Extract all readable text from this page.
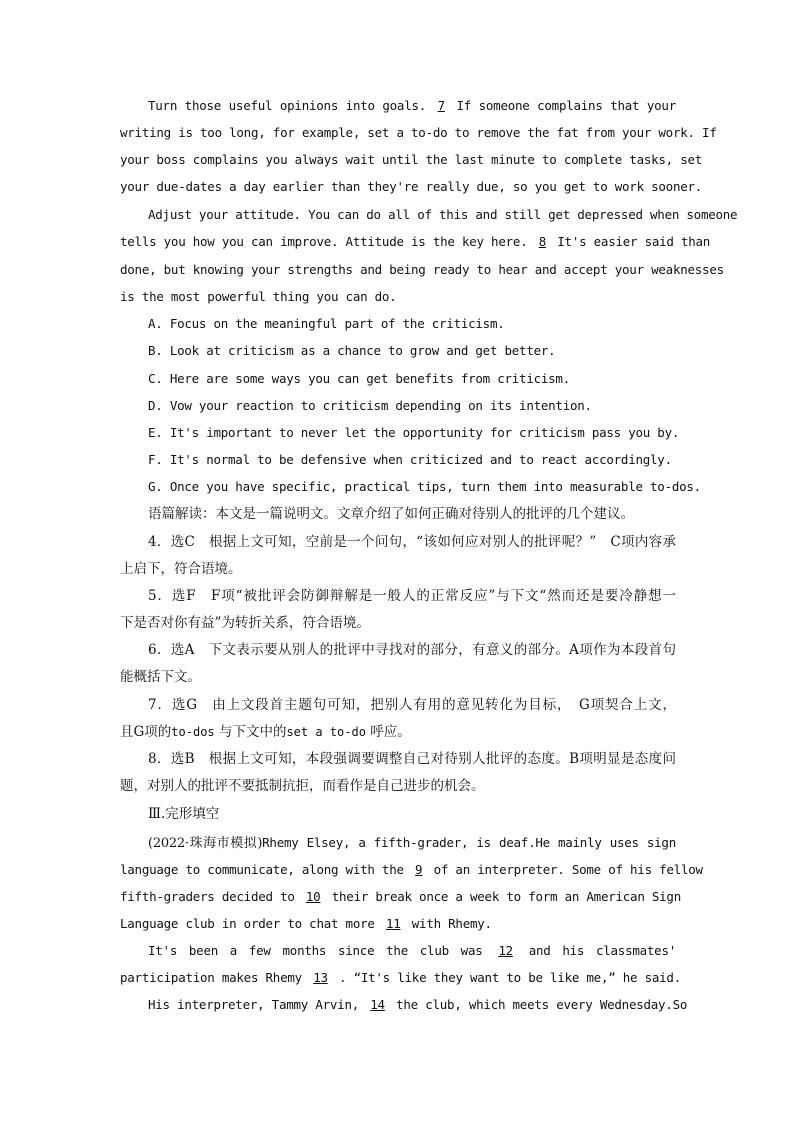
Turn those useful opinions into goals. 7 If someone complains that your
writing is too long, for example, set a to-do to remove the fat from your work. If
your boss complains you always wait until the last minute to complete tasks, set
your due-dates a day earlier than they're really due, so you get to work sooner.
Adjust your attitude. You can do all of this and still get depressed when someone
tells you how you can improve. Attitude is the key here. 8 It's easier said than
done, but knowing your strengths and being ready to hear and accept your weaknesses
is the most powerful thing you can do.
A. Focus on the meaningful part of the criticism.
B. Look at criticism as a chance to grow and get better.
C. Here are some ways you can get benefits from criticism.
D. Vow your reaction to criticism depending on its intention.
E. It's important to never let the opportunity for criticism pass you by.
F. It's normal to be defensive when criticized and to react accordingly.
G. Once you have specific, practical tips, turn them into measurable to-dos.
语篇解读：本文是一篇说明文。文章介绍了如何正确对待别人的批评的几个建议。
4．选C　根据上文可知，空前是一个问句，“该如何应对别人的批评呢？”　C项内容承
上启下，符合语境。
5．选F　F项“被批评会防御辩解是一般人的正常反应”与下文“然而还是要冷静想一
下是否对你有益”为转折关系，符合语境。
6．选A　下文表示要从别人的批评中寻找对的部分，有意义的部分。A项作为本段首句
能概括下文。
7．选G　由上文段首主题句可知，把别人有用的意见转化为目标，　G项契合上文，
且G项的to-dos 与下文中的set a to-do 呼应。
8．选B　根据上文可知，本段强调要调整自己对待别人批评的态度。B项明显是态度问
题，对别人的批评不要抵制抗拒，而看作是自己进步的机会。
Ⅲ.完形填空
(2022·珠海市模拟)Rhemy Elsey, a fifth-grader, is deaf.He mainly uses sign
language to communicate, along with the 9 of an interpreter. Some of his fellow
fifth-graders decided to 10 their break once a week to form an American Sign
Language club in order to chat more 11 with Rhemy.
It's been a few months since the club was 12 and his classmates'
participation makes Rhemy 13 . “It's like they want to be like me,” he said.
His interpreter, Tammy Arvin, 14 the club, which meets every Wednesday.So
